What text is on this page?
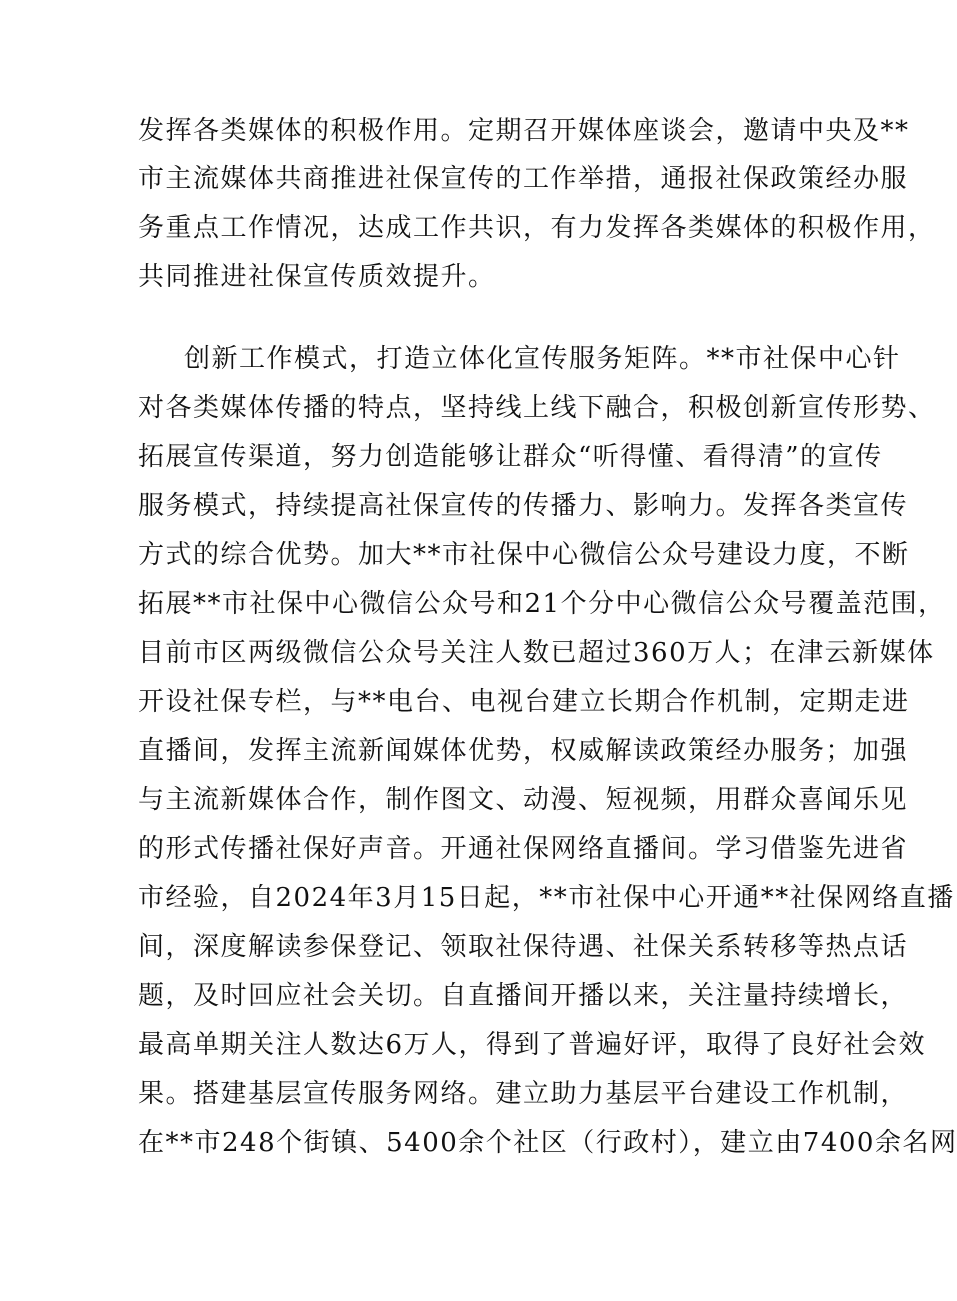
发挥各类媒体的积极作用。定期召开媒体座谈会，邀请中央及**
市主流媒体共商推进社保宣传的工作举措，通报社保政策经办服
务重点工作情况，达成工作共识，有力发挥各类媒体的积极作用，
共同推进社保宣传质效提升。
创新工作模式，打造立体化宣传服务矩阵。**市社保中心针
对各类媒体传播的特点，坚持线上线下融合，积极创新宣传形势、
拓展宣传渠道，努力创造能够让群众“听得懂、看得清”的宣传
服务模式，持续提高社保宣传的传播力、影响力。发挥各类宣传
方式的综合优势。加大**市社保中心微信公众号建设力度，不断
拓展**市社保中心微信公众号和21个分中心微信公众号覆盖范围，
目前市区两级微信公众号关注人数已超过360万人；在津云新媒体
开设社保专栏，与**电台、电视台建立长期合作机制，定期走进
直播间，发挥主流新闻媒体优势，权威解读政策经办服务；加强
与主流新媒体合作，制作图文、动漫、短视频，用群众喜闻乐见
的形式传播社保好声音。开通社保网络直播间。学习借鉴先进省
市经验，自2024年3月15日起，**市社保中心开通**社保网络直播
间，深度解读参保登记、领取社保待遇、社保关系转移等热点话
题，及时回应社会关切。自直播间开播以来，关注量持续增长，
最高单期关注人数达6万人，得到了普遍好评，取得了良好社会效
果。搭建基层宣传服务网络。建立助力基层平台建设工作机制，
在**市248个街镇、5400余个社区（行政村），建立由7400余名网
